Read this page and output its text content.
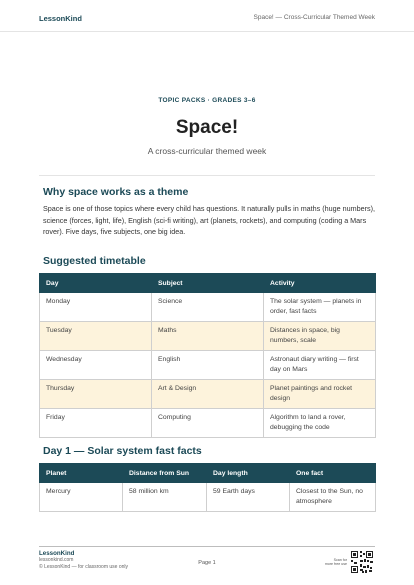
LessonKind	Space! — Cross-Curricular Themed Week
TOPIC PACKS · GRADES 3–6
Space!
A cross-curricular themed week
Why space works as a theme

Space is one of those topics where every child has questions. It naturally pulls in maths (huge numbers), science (forces, light, life), English (sci-fi writing), art (planets, rockets), and computing (coding a Mars rover). Five days, five subjects, one big idea.

Suggested timetable
Day	Subject	Activity
Monday	Science	The solar system — planets in order, fast facts
Tuesday	Maths	Distances in space, big numbers, scale
Wednesday	English	Astronaut diary writing — first day on Mars
Thursday	Art & Design	Planet paintings and rocket design
Friday	Computing	Algorithm to land a rover, debugging the code
Day 1 — Solar system fast facts
Planet	Distance from Sun	Day length	One fact
Mercury	58 million km	59 Earth days	Closest to the Sun, no atmosphere
LessonKind
lessonkind.com
© LessonKind — for classroom use only
Page 1	Scan for
more free use
